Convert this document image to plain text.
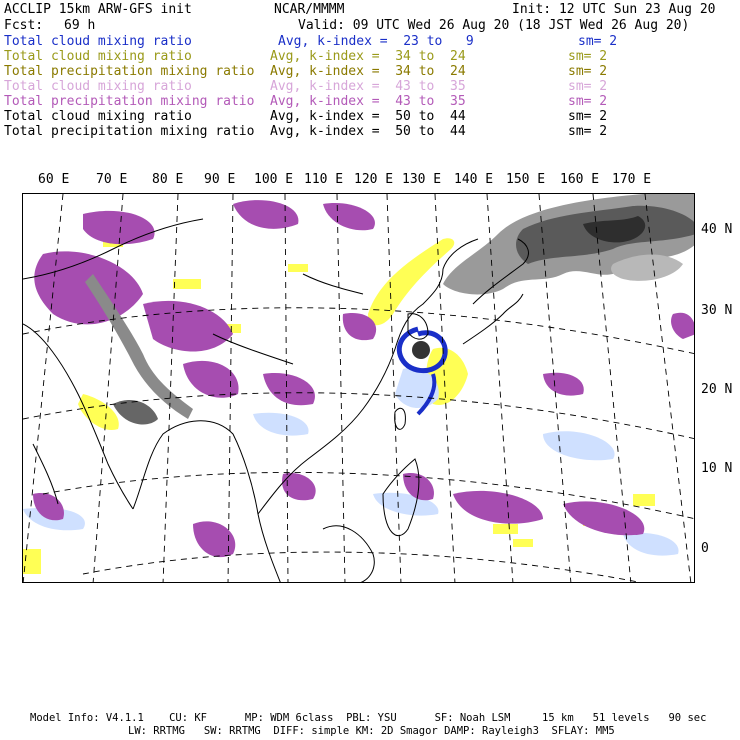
ACCLIP 15km ARW-GFS init	NCAR/MMMM	Init: 12 UTC Sun 23 Aug 20
Fcst: 69 h	Valid: 09 UTC Wed 26 Aug 20 (18 JST Wed 26 Aug 20)
Total cloud mixing ratio	Avg, k-index =  23 to   9	sm= 2
Total cloud mixing ratio	Avg, k-index =  34 to  24	sm= 2
Total precipitation mixing ratio Avg, k-index =  34 to  24	sm= 2
Total cloud mixing ratio	Avg, k-index =  43 to  35	sm= 2
Total precipitation mixing ratio Avg, k-index =  43 to  35	sm= 2
Total cloud mixing ratio	Avg, k-index =  50 to  44	sm= 2
Total precipitation mixing ratio Avg, k-index =  50 to  44	sm= 2
60 E 70 E 80 E 90 E 100 E 110 E 120 E 130 E 140 E 150 E 160 E 170 E
40 N
30 N
20 N
10 N
0
Model Info: V4.1.1    CU: KF      MP: WDM 6class  PBL: YSU      SF: Noah LSM     15 km   51 levels   90 sec
LW: RRTMG   SW: RRTMG  DIFF: simple KM: 2D Smagor DAMP: Rayleigh3  SFLAY: MM5
